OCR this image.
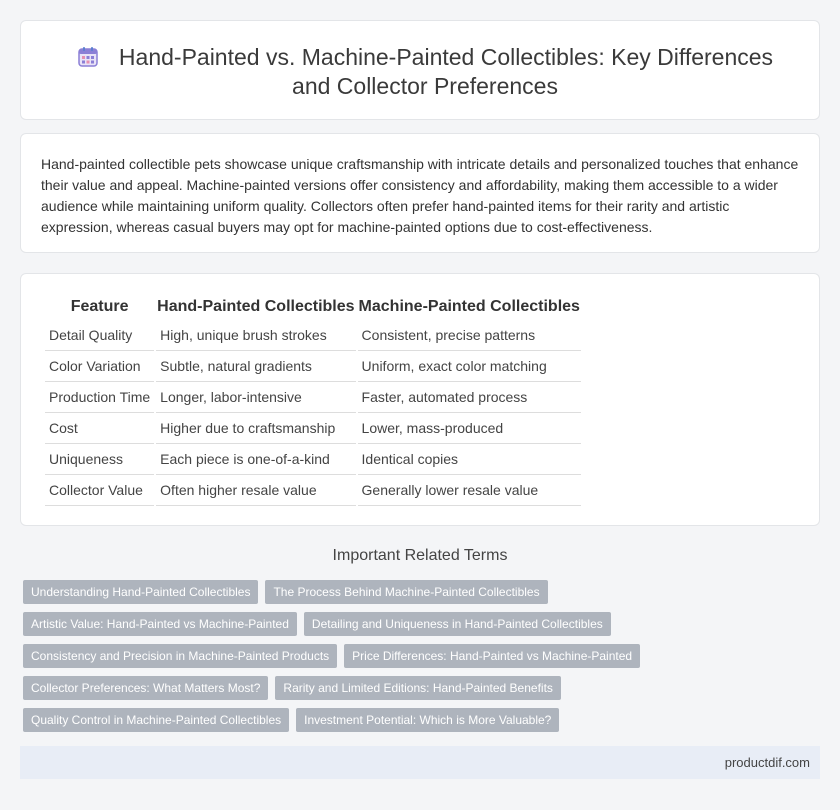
Hand-Painted vs. Machine-Painted Collectibles: Key Differences and Collector Preferences

Hand-painted collectible pets showcase unique craftsmanship with intricate details and personalized touches that enhance their value and appeal. Machine-painted versions offer consistency and affordability, making them accessible to a wider audience while maintaining uniform quality. Collectors often prefer hand-painted items for their rarity and artistic expression, whereas casual buyers may opt for machine-painted options due to cost-effectiveness.

Feature	Hand-Painted Collectibles	Machine-Painted Collectibles
Detail Quality	High, unique brush strokes	Consistent, precise patterns
Color Variation	Subtle, natural gradients	Uniform, exact color matching
Production Time	Longer, labor-intensive	Faster, automated process
Cost	Higher due to craftsmanship	Lower, mass-produced
Uniqueness	Each piece is one-of-a-kind	Identical copies
Collector Value	Often higher resale value	Generally lower resale value
Important Related Terms
Understanding Hand-Painted Collectibles	The Process Behind Machine-Painted Collectibles
Artistic Value: Hand-Painted vs Machine-Painted	Detailing and Uniqueness in Hand-Painted Collectibles
Consistency and Precision in Machine-Painted Products	Price Differences: Hand-Painted vs Machine-Painted
Collector Preferences: What Matters Most?	Rarity and Limited Editions: Hand-Painted Benefits
Quality Control in Machine-Painted Collectibles	Investment Potential: Which is More Valuable?
productdif.com
